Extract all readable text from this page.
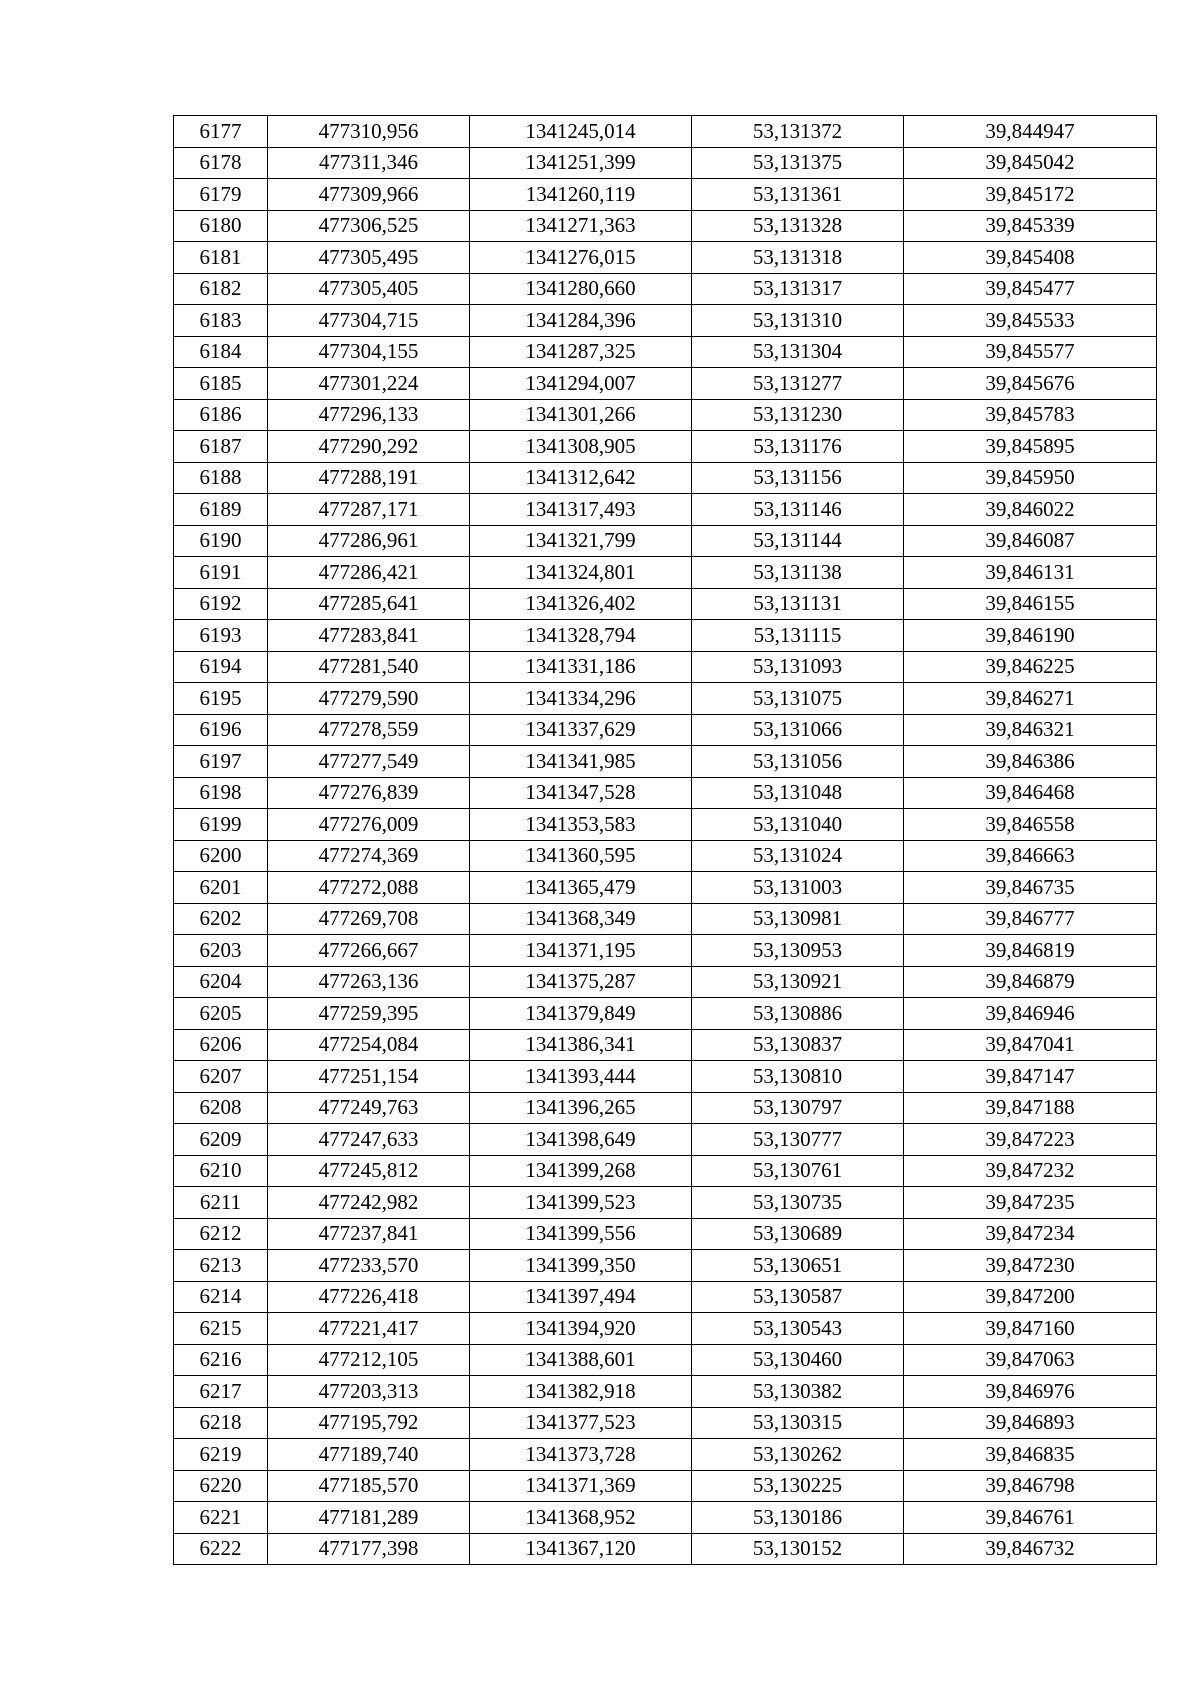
6177	477310,956	1341245,014	53,131372	39,844947
6178	477311,346	1341251,399	53,131375	39,845042
6179	477309,966	1341260,119	53,131361	39,845172
6180	477306,525	1341271,363	53,131328	39,845339
6181	477305,495	1341276,015	53,131318	39,845408
6182	477305,405	1341280,660	53,131317	39,845477
6183	477304,715	1341284,396	53,131310	39,845533
6184	477304,155	1341287,325	53,131304	39,845577
6185	477301,224	1341294,007	53,131277	39,845676
6186	477296,133	1341301,266	53,131230	39,845783
6187	477290,292	1341308,905	53,131176	39,845895
6188	477288,191	1341312,642	53,131156	39,845950
6189	477287,171	1341317,493	53,131146	39,846022
6190	477286,961	1341321,799	53,131144	39,846087
6191	477286,421	1341324,801	53,131138	39,846131
6192	477285,641	1341326,402	53,131131	39,846155
6193	477283,841	1341328,794	53,131115	39,846190
6194	477281,540	1341331,186	53,131093	39,846225
6195	477279,590	1341334,296	53,131075	39,846271
6196	477278,559	1341337,629	53,131066	39,846321
6197	477277,549	1341341,985	53,131056	39,846386
6198	477276,839	1341347,528	53,131048	39,846468
6199	477276,009	1341353,583	53,131040	39,846558
6200	477274,369	1341360,595	53,131024	39,846663
6201	477272,088	1341365,479	53,131003	39,846735
6202	477269,708	1341368,349	53,130981	39,846777
6203	477266,667	1341371,195	53,130953	39,846819
6204	477263,136	1341375,287	53,130921	39,846879
6205	477259,395	1341379,849	53,130886	39,846946
6206	477254,084	1341386,341	53,130837	39,847041
6207	477251,154	1341393,444	53,130810	39,847147
6208	477249,763	1341396,265	53,130797	39,847188
6209	477247,633	1341398,649	53,130777	39,847223
6210	477245,812	1341399,268	53,130761	39,847232
6211	477242,982	1341399,523	53,130735	39,847235
6212	477237,841	1341399,556	53,130689	39,847234
6213	477233,570	1341399,350	53,130651	39,847230
6214	477226,418	1341397,494	53,130587	39,847200
6215	477221,417	1341394,920	53,130543	39,847160
6216	477212,105	1341388,601	53,130460	39,847063
6217	477203,313	1341382,918	53,130382	39,846976
6218	477195,792	1341377,523	53,130315	39,846893
6219	477189,740	1341373,728	53,130262	39,846835
6220	477185,570	1341371,369	53,130225	39,846798
6221	477181,289	1341368,952	53,130186	39,846761
6222	477177,398	1341367,120	53,130152	39,846732
